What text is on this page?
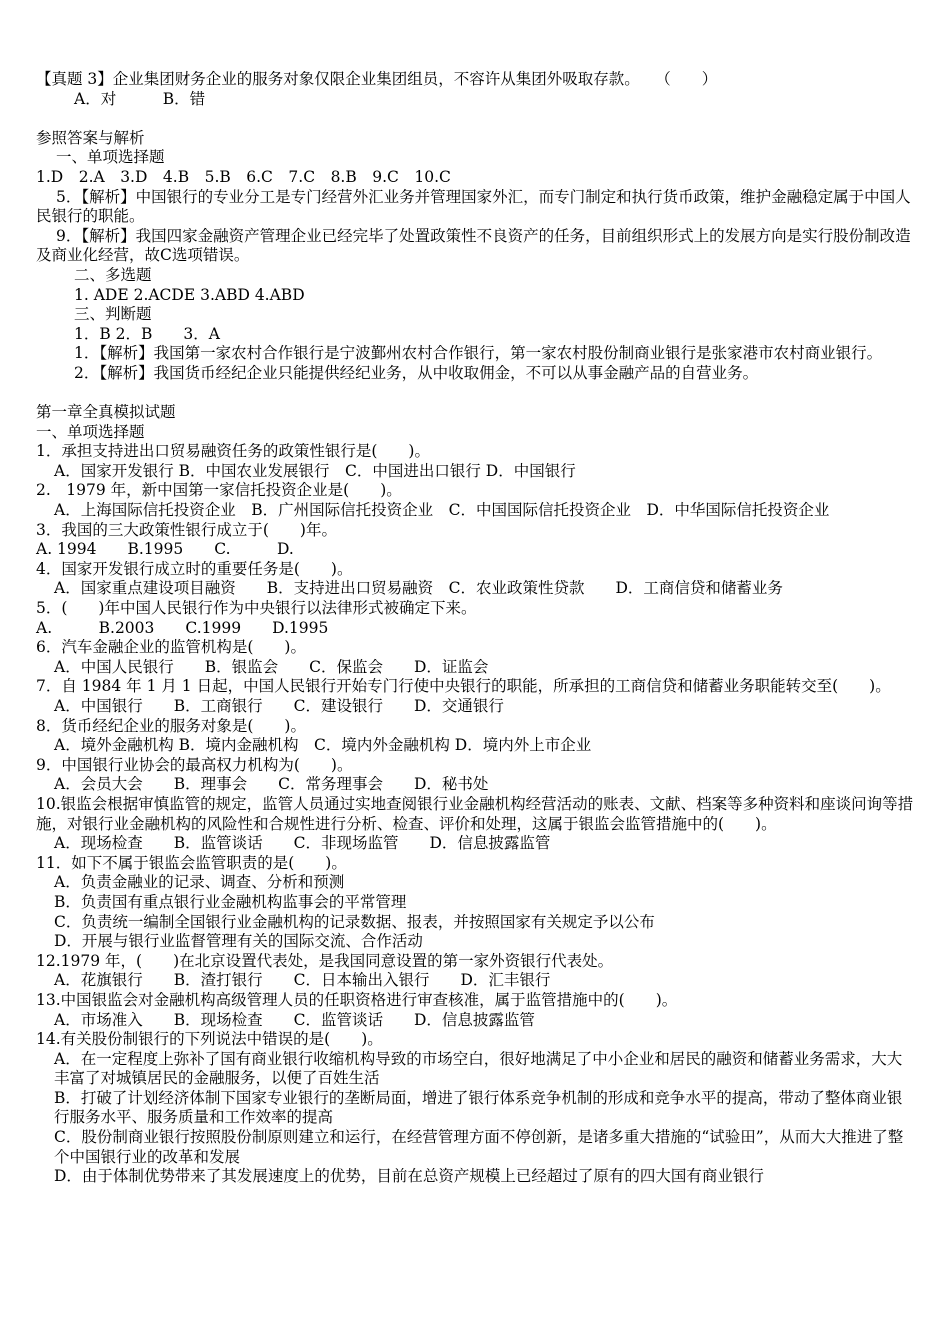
【真题 3】企业集团财务企业的服务对象仅限企业集团组员，不容许从集团外吸取存款。　　（　　）
A．对　　　B．错
参照答案与解析
一、单项选择题
1.D　2.A　3.D　4.B　5.B　6.C　7.C　8.B　9.C　10.C
5．【解析】中国银行的专业分工是专门经营外汇业务并管理国家外汇，而专门制定和执行货币政策，维护金融稳定属于中国人民银行的职能。
9．【解析】我国四家金融资产管理企业已经完毕了处置政策性不良资产的任务，目前组织形式上的发展方向是实行股份制改造及商业化经营，故C选项错误。
二、多选题
1. ADE 2.ACDE 3.ABD 4.ABD
三、判断题
1．B 2．B　　3．A
1．【解析】我国第一家农村合作银行是宁波鄞州农村合作银行，第一家农村股份制商业银行是张家港市农村商业银行。
2．【解析】我国货币经纪企业只能提供经纪业务，从中收取佣金，不可以从事金融产品的自营业务。
第一章全真模拟试题
一、单项选择题
1．承担支持进出口贸易融资任务的政策性银行是(　　)。
A．国家开发银行 B．中国农业发展银行　C．中国进出口银行 D．中国银行
2.　1979 年，新中国第一家信托投资企业是(　　)。
A．上海国际信托投资企业　B．广州国际信托投资企业　C．中国国际信托投资企业　D．中华国际信托投资企业
3．我国的三大政策性银行成立于(　　)年。
A. 1994　　B.1995　　C.　　　D.
4．国家开发银行成立时的重要任务是(　　)。
A．国家重点建设项目融资　　B．支持进出口贸易融资　C．农业政策性贷款　　D．工商信贷和储蓄业务
5．(　　)年中国人民银行作为中央银行以法律形式被确定下来。
A.　　　B.2003　　C.1999　　D.1995
6．汽车金融企业的监管机构是(　　)。
A．中国人民银行　　B．银监会　　C．保监会　　D．证监会
7．自 1984 年 1 月 1 日起，中国人民银行开始专门行使中央银行的职能，所承担的工商信贷和储蓄业务职能转交至(　　)。
A．中国银行　　B．工商银行　　C．建设银行　　D．交通银行
8．货币经纪企业的服务对象是(　　)。
A．境外金融机构 B．境内金融机构　C．境内外金融机构 D．境内外上市企业
9．中国银行业协会的最高权力机构为(　　)。
A．会员大会　　B．理事会　　C．常务理事会　　D．秘书处
10.银监会根据审慎监管的规定，监管人员通过实地查阅银行业金融机构经营活动的账表、文献、档案等多种资料和座谈问询等措施，对银行业金融机构的风险性和合规性进行分析、检查、评价和处理，这属于银监会监管措施中的(　　)。
A．现场检查　　B．监管谈话　　C．非现场监管　　D．信息披露监管
11．如下不属于银监会监管职责的是(　　)。
A．负责金融业的记录、调查、分析和预测
B．负责国有重点银行业金融机构监事会的平常管理
C．负责统一编制全国银行业金融机构的记录数据、报表，并按照国家有关规定予以公布
D．开展与银行业监督管理有关的国际交流、合作活动
12.1979 年，(　　)在北京设置代表处，是我国同意设置的第一家外资银行代表处。
A．花旗银行　　B．渣打银行　　C．日本输出入银行　　D．汇丰银行
13.中国银监会对金融机构高级管理人员的任职资格进行审查核准，属于监管措施中的(　　)。
A．市场准入　　B．现场检查　　C．监管谈话　　D．信息披露监管
14.有关股份制银行的下列说法中错误的是(　　)。
A．在一定程度上弥补了国有商业银行收缩机构导致的市场空白，很好地满足了中小企业和居民的融资和储蓄业务需求，大大丰富了对城镇居民的金融服务，以便了百姓生活
B．打破了计划经济体制下国家专业银行的垄断局面，增进了银行体系竞争机制的形成和竞争水平的提高，带动了整体商业银行服务水平、服务质量和工作效率的提高
C．股份制商业银行按照股份制原则建立和运行，在经营管理方面不停创新，是诸多重大措施的“试验田”，从而大大推进了整个中国银行业的改革和发展
D．由于体制优势带来了其发展速度上的优势，目前在总资产规模上已经超过了原有的四大国有商业银行
